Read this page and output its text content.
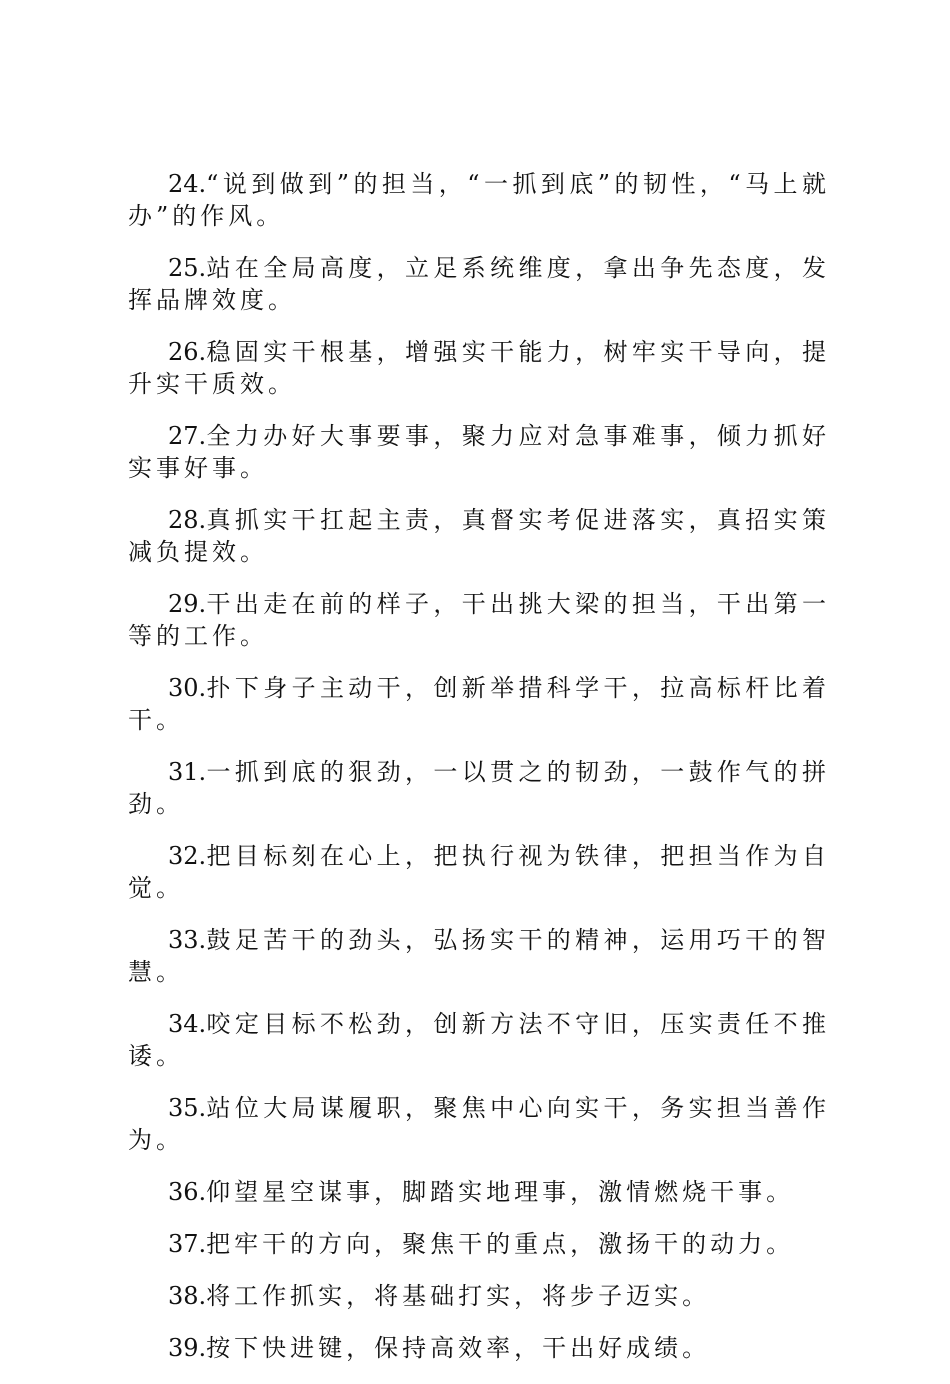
24.“说到做到”的担当，“一抓到底”的韧性，“马上就办”的作风。

25.站在全局高度，立足系统维度，拿出争先态度，发挥品牌效度。

26.稳固实干根基，增强实干能力，树牢实干导向，提升实干质效。

27.全力办好大事要事，聚力应对急事难事，倾力抓好实事好事。

28.真抓实干扛起主责，真督实考促进落实，真招实策减负提效。

29.干出走在前的样子，干出挑大梁的担当，干出第一等的工作。

30.扑下身子主动干，创新举措科学干，拉高标杆比着干。

31.一抓到底的狠劲，一以贯之的韧劲，一鼓作气的拼劲。

32.把目标刻在心上，把执行视为铁律，把担当作为自觉。

33.鼓足苦干的劲头，弘扬实干的精神，运用巧干的智慧。

34.咬定目标不松劲，创新方法不守旧，压实责任不推诿。

35.站位大局谋履职，聚焦中心向实干，务实担当善作为。

36.仰望星空谋事，脚踏实地理事，激情燃烧干事。

37.把牢干的方向，聚焦干的重点，激扬干的动力。

38.将工作抓实，将基础打实，将步子迈实。

39.按下快进键，保持高效率，干出好成绩。
